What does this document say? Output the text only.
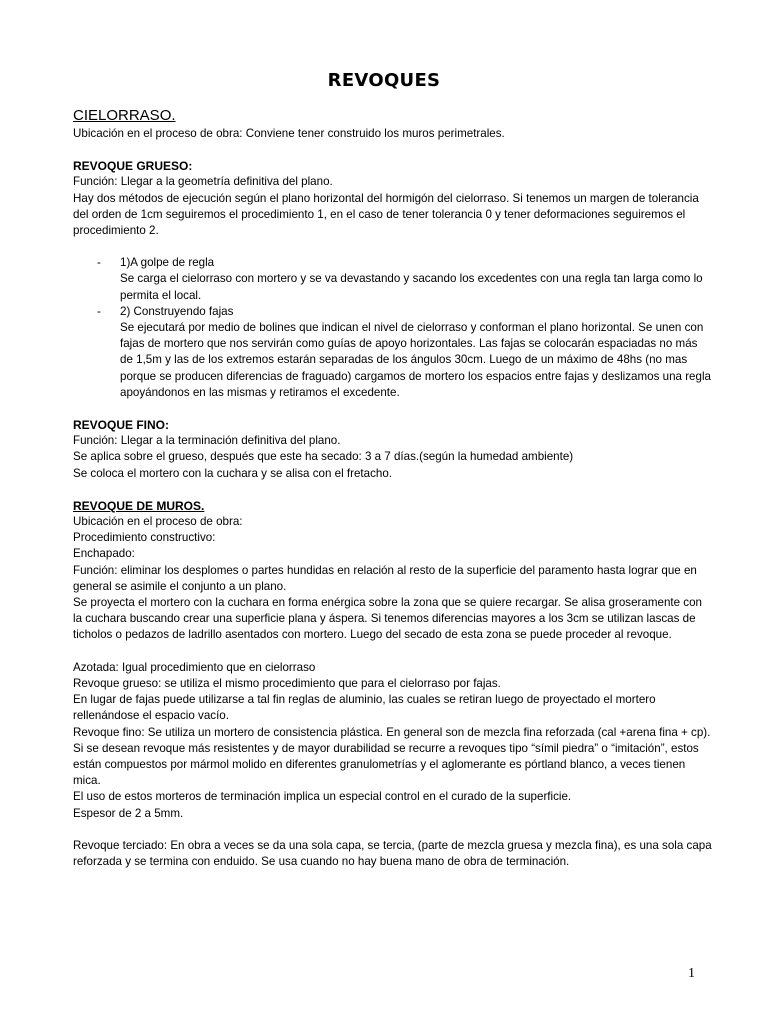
REVOQUES
CIELORRASO.

Ubicación en el proceso de obra: Conviene tener construido los muros perimetrales.

REVOQUE GRUESO:

Función: Llegar a la geometría definitiva del plano.

Hay dos métodos de ejecución según el plano horizontal del hormigón del cielorraso. Si tenemos un margen de tolerancia del orden de 1cm seguiremos el procedimiento 1, en el caso de tener tolerancia 0 y tener deformaciones seguiremos el procedimiento 2.

- 1)A golpe de regla
Se carga el cielorraso con mortero y se va devastando y sacando los excedentes con una regla tan larga como lo permita el local.
- 2) Construyendo fajas
Se ejecutará por medio de bolines que indican el nivel de cielorraso y conforman el plano horizontal. Se unen con fajas de mortero que nos servirán como guías de apoyo horizontales. Las fajas se colocarán espaciadas no más de 1,5m y las de los extremos estarán separadas de los ángulos 30cm. Luego de un máximo de 48hs (no mas porque se producen diferencias de fraguado) cargamos de mortero los espacios entre fajas y deslizamos una regla apoyándonos en las mismas y retiramos el excedente.
REVOQUE FINO:

Función: Llegar a la terminación definitiva del plano.

Se aplica sobre el grueso, después que este ha secado: 3 a 7 días.(según la humedad ambiente)

Se coloca el mortero con la cuchara y se alisa con el fretacho.

REVOQUE DE MUROS.

Ubicación en el proceso de obra:

Procedimiento constructivo:

Enchapado:

Función: eliminar los desplomes o partes hundidas en relación al resto de la superficie del paramento hasta lograr que en general se asimile el conjunto a un plano.

Se proyecta el mortero con la cuchara en forma enérgica sobre la zona que se quiere recargar. Se alisa groseramente con la cuchara buscando crear una superficie plana y áspera. Si tenemos diferencias mayores a los 3cm se utilizan lascas de ticholos o pedazos de ladrillo asentados con mortero. Luego del secado de esta zona se puede proceder al revoque.

Azotada: Igual procedimiento que en cielorraso

Revoque grueso: se utiliza el mismo procedimiento que para el cielorraso por fajas.

En lugar de fajas puede utilizarse a tal fin reglas de aluminio, las cuales se retiran luego de proyectado el mortero rellenándose el espacio vacío.

Revoque fino: Se utiliza un mortero de consistencia plástica. En general son de mezcla fina reforzada (cal +arena fina + cp). Si se desean revoque más resistentes y de mayor durabilidad se recurre a revoques tipo “símil piedra” o “imitación”, estos están compuestos por mármol molido en diferentes granulometrías y el aglomerante es pórtland blanco, a veces tienen mica.

El uso de estos morteros de terminación implica un especial control en el curado de la superficie.

Espesor de 2 a 5mm.

Revoque terciado: En obra a veces se da una sola capa, se tercia, (parte de mezcla gruesa y mezcla fina), es una sola capa reforzada y se termina con enduido. Se usa cuando no hay buena mano de obra de terminación.

1
